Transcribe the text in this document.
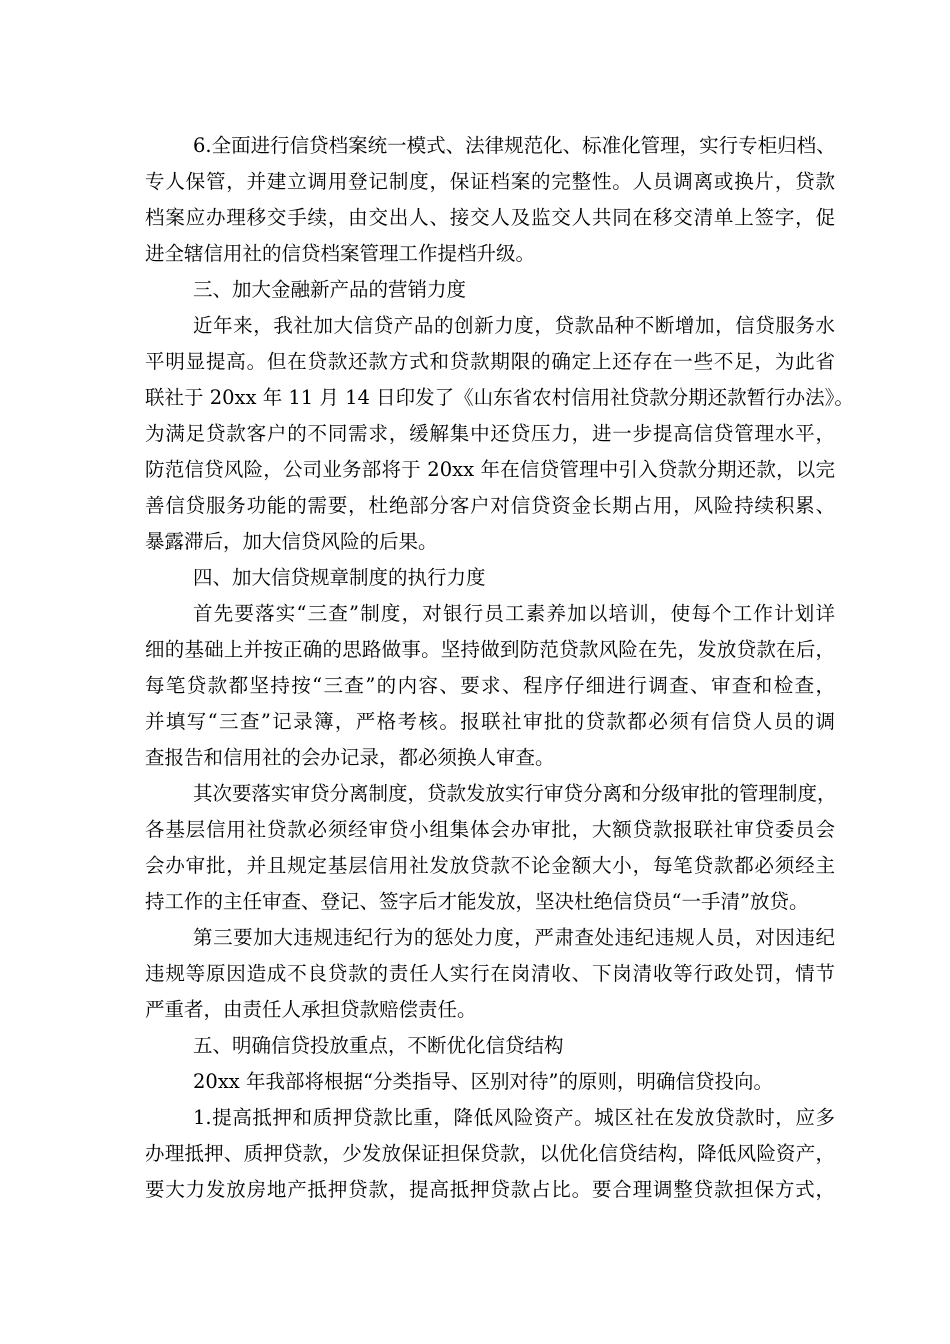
6.全面进行信贷档案统一模式、法律规范化、标准化管理，实行专柜归档、
专人保管，并建立调用登记制度，保证档案的完整性。人员调离或换片，贷款
档案应办理移交手续，由交出人、接交人及监交人共同在移交清单上签字，促
进全辖信用社的信贷档案管理工作提档升级。
三、加大金融新产品的营销力度
近年来，我社加大信贷产品的创新力度，贷款品种不断增加，信贷服务水
平明显提高。但在贷款还款方式和贷款期限的确定上还存在一些不足，为此省
联社于 20xx 年 11 月 14 日印发了《山东省农村信用社贷款分期还款暂行办法》。
为满足贷款客户的不同需求，缓解集中还贷压力，进一步提高信贷管理水平，
防范信贷风险，公司业务部将于 20xx 年在信贷管理中引入贷款分期还款，以完
善信贷服务功能的需要，杜绝部分客户对信贷资金长期占用，风险持续积累、
暴露滞后，加大信贷风险的后果。
四、加大信贷规章制度的执行力度
首先要落实“三查”制度，对银行员工素养加以培训，使每个工作计划详
细的基础上并按正确的思路做事。坚持做到防范贷款风险在先，发放贷款在后，
每笔贷款都坚持按“三查”的内容、要求、程序仔细进行调查、审查和检查，
并填写“三查”记录簿，严格考核。报联社审批的贷款都必须有信贷人员的调
查报告和信用社的会办记录，都必须换人审查。
其次要落实审贷分离制度，贷款发放实行审贷分离和分级审批的管理制度，
各基层信用社贷款必须经审贷小组集体会办审批，大额贷款报联社审贷委员会
会办审批，并且规定基层信用社发放贷款不论金额大小，每笔贷款都必须经主
持工作的主任审查、登记、签字后才能发放，坚决杜绝信贷员“一手清”放贷。
第三要加大违规违纪行为的惩处力度，严肃查处违纪违规人员，对因违纪
违规等原因造成不良贷款的责任人实行在岗清收、下岗清收等行政处罚，情节
严重者，由责任人承担贷款赔偿责任。
五、明确信贷投放重点，不断优化信贷结构
20xx 年我部将根据“分类指导、区别对待”的原则，明确信贷投向。
1.提高抵押和质押贷款比重，降低风险资产。城区社在发放贷款时，应多
办理抵押、质押贷款，少发放保证担保贷款，以优化信贷结构，降低风险资产，
要大力发放房地产抵押贷款，提高抵押贷款占比。要合理调整贷款担保方式，
